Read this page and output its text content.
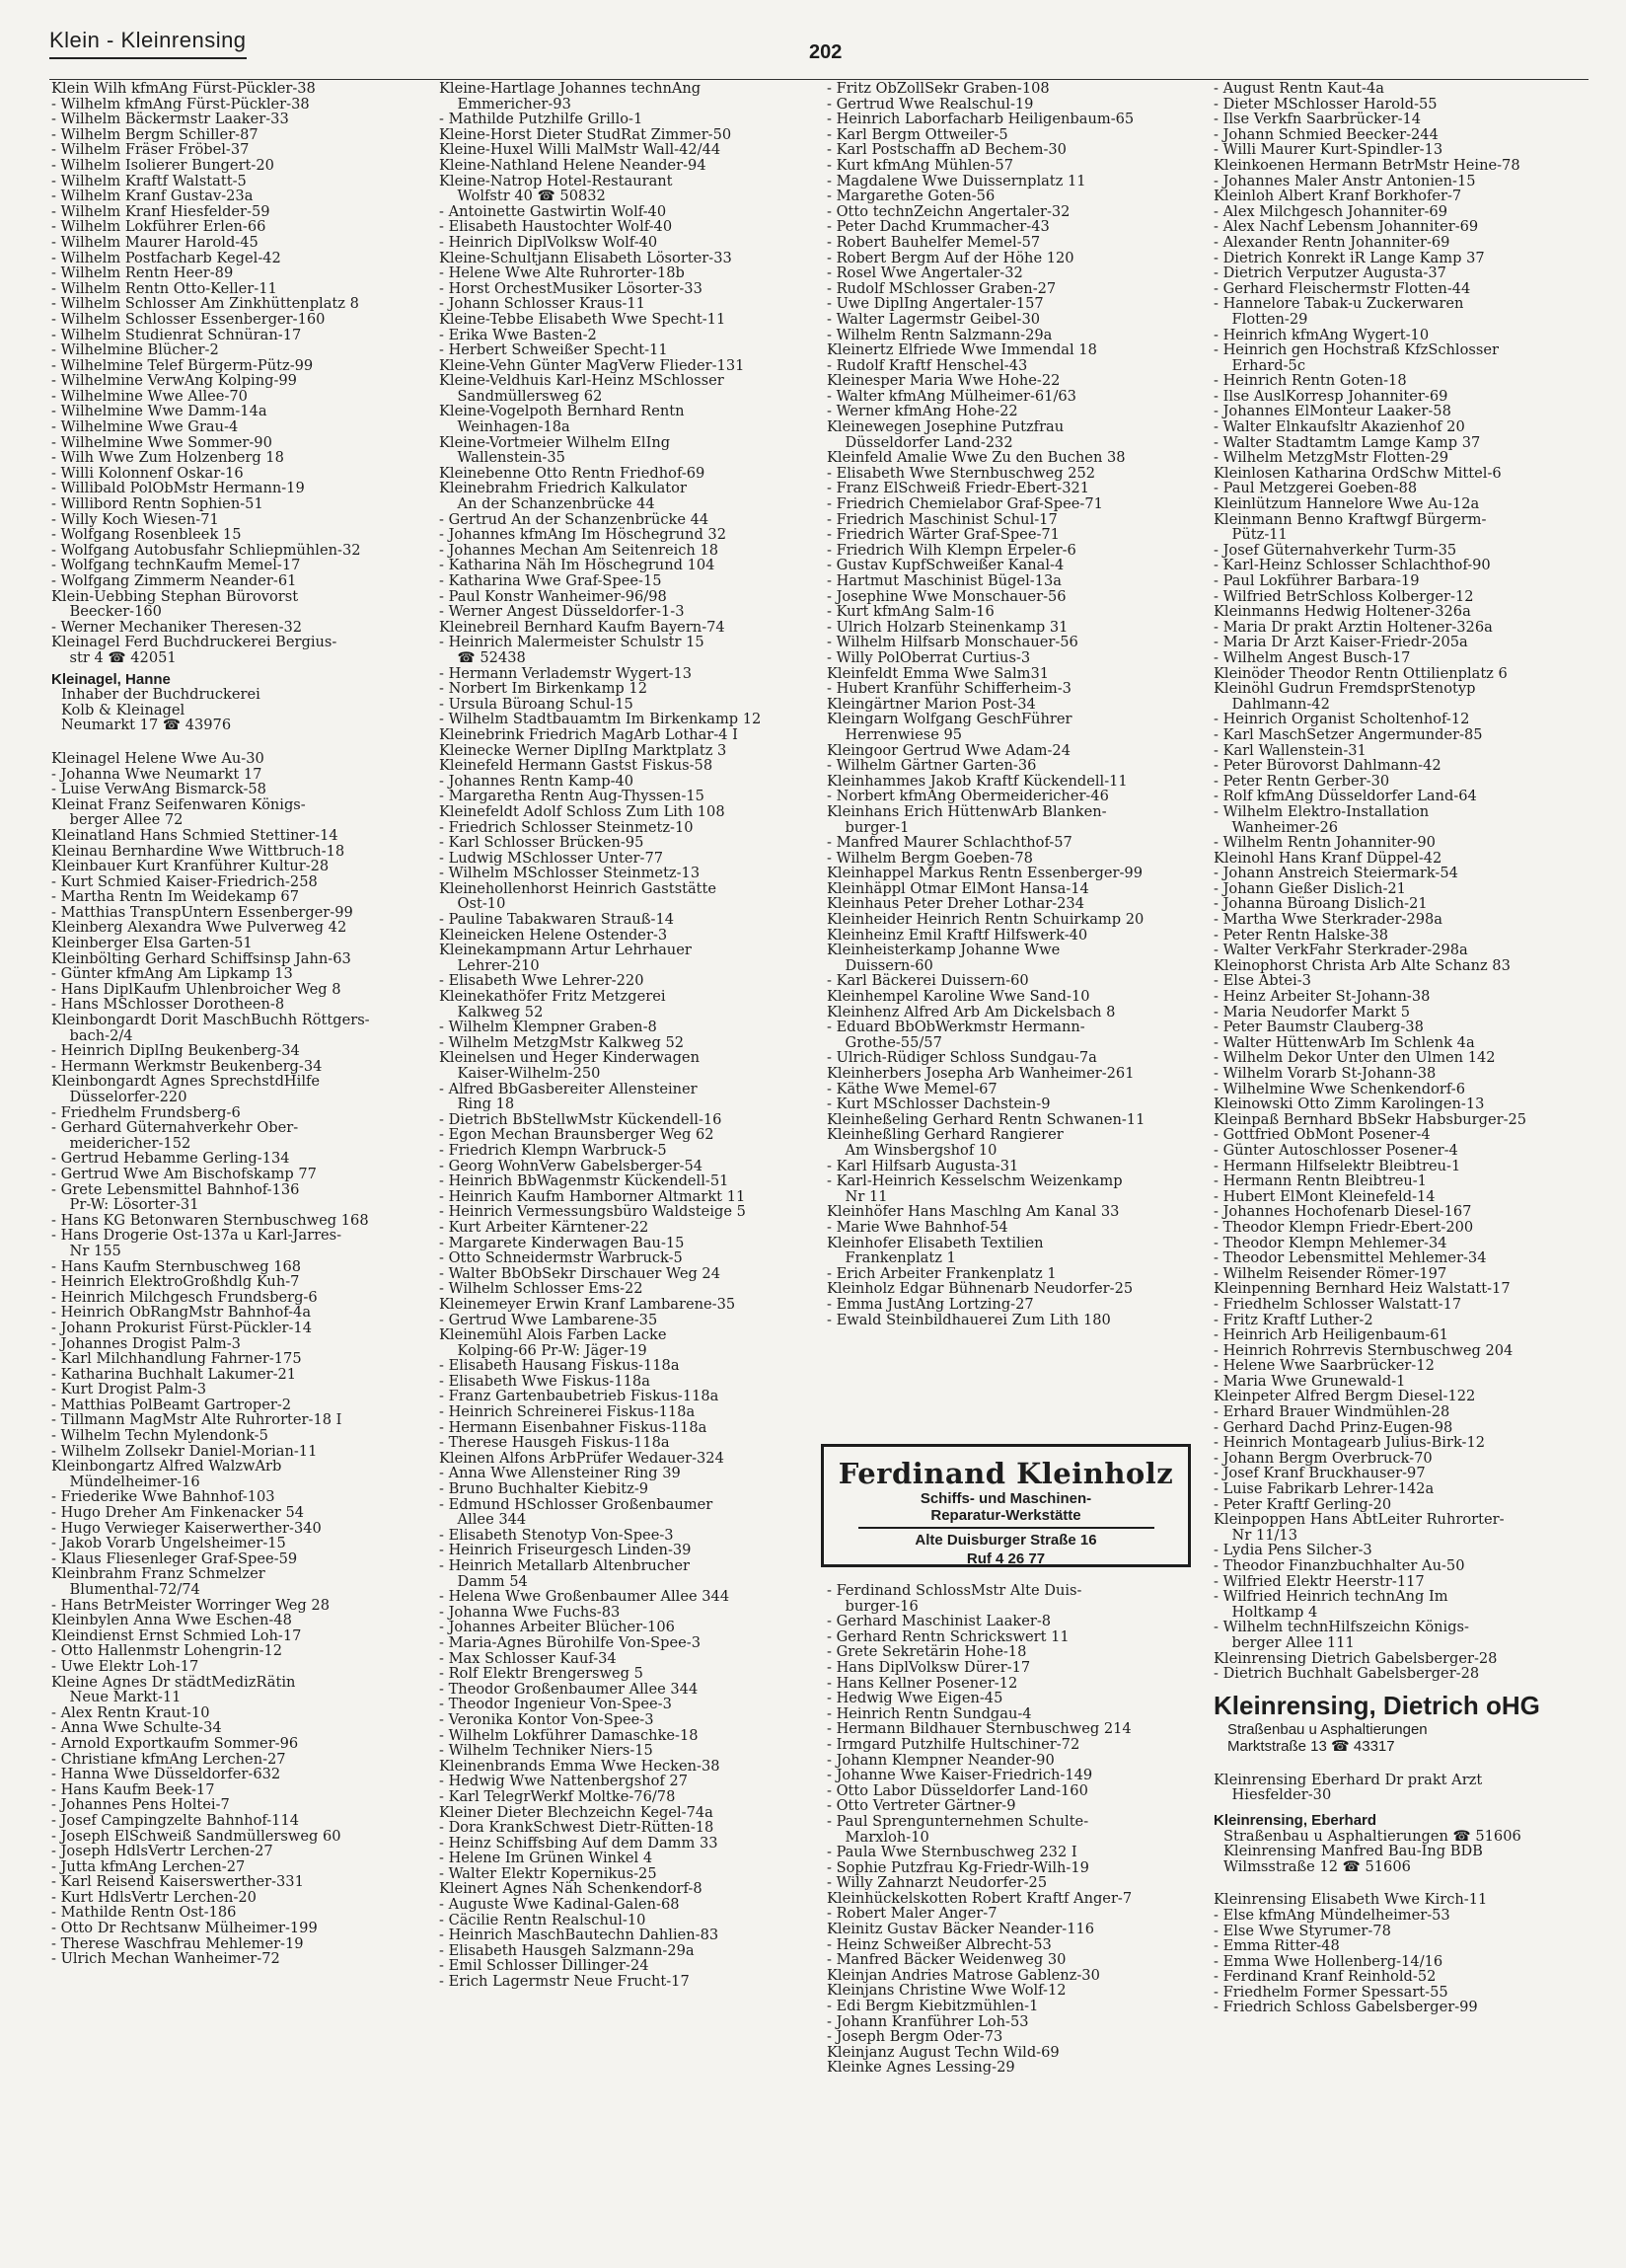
Klein - Kleinrensing	202
Klein Wilh kfmAng Fürst-Pückler-38
- Wilhelm kfmAng Fürst-Pückler-38
- Wilhelm Bäckermstr Laaker-33
- Wilhelm Bergm Schiller-87
- Wilhelm Fräser Fröbel-37
- Wilhelm Isolierer Bungert-20
- Wilhelm Kraftf Walstatt-5
- Wilhelm Kranf Gustav-23a
- Wilhelm Kranf Hiesfelder-59
- Wilhelm Lokführer Erlen-66
- Wilhelm Maurer Harold-45
- Wilhelm Postfacharb Kegel-42
- Wilhelm Rentn Heer-89
- Wilhelm Rentn Otto-Keller-11
- Wilhelm Schlosser Am Zinkhüttenplatz 8
- Wilhelm Schlosser Essenberger-160
- Wilhelm Studienrat Schnüran-17
- Wilhelmine Blücher-2
- Wilhelmine Telef Bürgerm-Pütz-99
- Wilhelmine VerwAng Kolping-99
- Wilhelmine Wwe Allee-70
- Wilhelmine Wwe Damm-14a
- Wilhelmine Wwe Grau-4
- Wilhelmine Wwe Sommer-90
- Wilh Wwe Zum Holzenberg 18
- Willi Kolonnenf Oskar-16
- Willibald PolObMstr Hermann-19
- Willibord Rentn Sophien-51
- Willy Koch Wiesen-71
- Wolfgang Rosenbleek 15
- Wolfgang Autobusfahr Schliepmühlen-32
- Wolfgang technKaufm Memel-17
- Wolfgang Zimmerm Neander-61
Klein-Uebbing Stephan Bürovorst
Beecker-160
- Werner Mechaniker Theresen-32
Kleinagel Ferd Buchdruckerei Bergius-
str 4 ☎ 42051
Kleinagel, Hanne
Inhaber der Buchdruckerei
Kolb & Kleinagel
Neumarkt 17 ☎ 43976
Kleinagel Helene Wwe Au-30
- Johanna Wwe Neumarkt 17
- Luise VerwAng Bismarck-58
Kleinat Franz Seifenwaren Königs-
berger Allee 72
Kleinatland Hans Schmied Stettiner-14
Kleinau Bernhardine Wwe Wittbruch-18
Kleinbauer Kurt Kranführer Kultur-28
- Kurt Schmied Kaiser-Friedrich-258
- Martha Rentn Im Weidekamp 67
- Matthias TranspUntern Essenberger-99
Kleinberg Alexandra Wwe Pulverweg 42
Kleinberger Elsa Garten-51
Kleinbölting Gerhard Schiffsinsp Jahn-63
- Günter kfmAng Am Lipkamp 13
- Hans DiplKaufm Uhlenbroicher Weg 8
- Hans MSchlosser Dorotheen-8
Kleinbongardt Dorit MaschBuchh Röttgers-
bach-2/4
- Heinrich DiplIng Beukenberg-34
- Hermann Werkmstr Beukenberg-34
Kleinbongardt Agnes SprechstdHilfe
Düsselorfer-220
- Friedhelm Frundsberg-6
- Gerhard Güternahverkehr Ober-
meidericher-152
- Gertrud Hebamme Gerling-134
- Gertrud Wwe Am Bischofskamp 77
- Grete Lebensmittel Bahnhof-136
Pr-W: Lösorter-31
- Hans KG Betonwaren Sternbuschweg 168
- Hans Drogerie Ost-137a u Karl-Jarres-
Nr 155
- Hans Kaufm Sternbuschweg 168
- Heinrich ElektroGroßhdlg Kuh-7
- Heinrich Milchgesch Frundsberg-6
- Heinrich ObRangMstr Bahnhof-4a
- Johann Prokurist Fürst-Pückler-14
- Johannes Drogist Palm-3
- Karl Milchhandlung Fahrner-175
- Katharina Buchhalt Lakumer-21
- Kurt Drogist Palm-3
- Matthias PolBeamt Gartroper-2
- Tillmann MagMstr Alte Ruhrorter-18 I
- Wilhelm Techn Mylendonk-5
- Wilhelm Zollsekr Daniel-Morian-11
Kleinbongartz Alfred WalzwArb
Mündelheimer-16
- Friederike Wwe Bahnhof-103
- Hugo Dreher Am Finkenacker 54
- Hugo Verwieger Kaiserwerther-340
- Jakob Vorarb Ungelsheimer-15
- Klaus Fliesenleger Graf-Spee-59
Kleinbrahm Franz Schmelzer
Blumenthal-72/74
- Hans BetrMeister Worringer Weg 28
Kleinbylen Anna Wwe Eschen-48
Kleindienst Ernst Schmied Loh-17
- Otto Hallenmstr Lohengrin-12
- Uwe Elektr Loh-17
Kleine Agnes Dr städtMedizRätin
Neue Markt-11
- Alex Rentn Kraut-10
- Anna Wwe Schulte-34
- Arnold Exportkaufm Sommer-96
- Christiane kfmAng Lerchen-27
- Hanna Wwe Düsseldorfer-632
- Hans Kaufm Beek-17
- Johannes Pens Holtei-7
- Josef Campingzelte Bahnhof-114
- Joseph ElSchweiß Sandmüllersweg 60
- Joseph HdlsVertr Lerchen-27
- Jutta kfmAng Lerchen-27
- Karl Reisend Kaiserswerther-331
- Kurt HdlsVertr Lerchen-20
- Mathilde Rentn Ost-186
- Otto Dr Rechtsanw Mülheimer-199
- Therese Waschfrau Mehlemer-19
- Ulrich Mechan Wanheimer-72
Kleine-Hartlage Johannes technAng
Emmericher-93
- Mathilde Putzhilfe Grillo-1
Kleine-Horst Dieter StudRat Zimmer-50
Kleine-Huxel Willi MalMstr Wall-42/44
Kleine-Nathland Helene Neander-94
Kleine-Natrop Hotel-Restaurant
Wolfstr 40 ☎ 50832
- Antoinette Gastwirtin Wolf-40
- Elisabeth Haustochter Wolf-40
- Heinrich DiplVolksw Wolf-40
Kleine-Schultjann Elisabeth Lösorter-33
- Helene Wwe Alte Ruhrorter-18b
- Horst OrchestMusiker Lösorter-33
- Johann Schlosser Kraus-11
Kleine-Tebbe Elisabeth Wwe Specht-11
- Erika Wwe Basten-2
- Herbert Schweißer Specht-11
Kleine-Vehn Günter MagVerw Flieder-131
Kleine-Veldhuis Karl-Heinz MSchlosser
Sandmüllersweg 62
Kleine-Vogelpoth Bernhard Rentn
Weinhagen-18a
Kleine-Vortmeier Wilhelm ElIng
Wallenstein-35
Kleinebenne Otto Rentn Friedhof-69
Kleinebrahm Friedrich Kalkulator
An der Schanzenbrücke 44
- Gertrud An der Schanzenbrücke 44
- Johannes kfmAng Im Höschegrund 32
- Johannes Mechan Am Seitenreich 18
- Katharina Näh Im Höschegrund 104
- Katharina Wwe Graf-Spee-15
- Paul Konstr Wanheimer-96/98
- Werner Angest Düsseldorfer-1-3
Kleinebreil Bernhard Kaufm Bayern-74
- Heinrich Malermeister Schulstr 15
☎ 52438
- Hermann Verlademstr Wygert-13
- Norbert Im Birkenkamp 12
- Ursula Büroang Schul-15
- Wilhelm Stadtbauamtm Im Birkenkamp 12
Kleinebrink Friedrich MagArb Lothar-4 I
Kleinecke Werner DiplIng Marktplatz 3
Kleinefeld Hermann Gastst Fiskus-58
- Johannes Rentn Kamp-40
- Margaretha Rentn Aug-Thyssen-15
Kleinefeldt Adolf Schloss Zum Lith 108
- Friedrich Schlosser Steinmetz-10
- Karl Schlosser Brücken-95
- Ludwig MSchlosser Unter-77
- Wilhelm MSchlosser Steinmetz-13
Kleinehollenhorst Heinrich Gaststätte
Ost-10
- Pauline Tabakwaren Strauß-14
Kleineicken Helene Ostender-3
Kleinekampmann Artur Lehrhauer
Lehrer-210
- Elisabeth Wwe Lehrer-220
Kleinekathöfer Fritz Metzgerei
Kalkweg 52
- Wilhelm Klempner Graben-8
- Wilhelm MetzgMstr Kalkweg 52
Kleinelsen und Heger Kinderwagen
Kaiser-Wilhelm-250
- Alfred BbGasbereiter Allensteiner
Ring 18
- Dietrich BbStellwMstr Kückendell-16
- Egon Mechan Braunsberger Weg 62
- Friedrich Klempn Warbruck-5
- Georg WohnVerw Gabelsberger-54
- Heinrich BbWagenmstr Kückendell-51
- Heinrich Kaufm Hamborner Altmarkt 11
- Heinrich Vermessungsbüro Waldsteige 5
- Kurt Arbeiter Kärntener-22
- Margarete Kinderwagen Bau-15
- Otto Schneidermstr Warbruck-5
- Walter BbObSekr Dirschauer Weg 24
- Wilhelm Schlosser Ems-22
Kleinemeyer Erwin Kranf Lambarene-35
- Gertrud Wwe Lambarene-35
Kleinemühl Alois Farben Lacke
Kolping-66 Pr-W: Jäger-19
- Elisabeth Hausang Fiskus-118a
- Elisabeth Wwe Fiskus-118a
- Franz Gartenbaubetrieb Fiskus-118a
- Heinrich Schreinerei Fiskus-118a
- Hermann Eisenbahner Fiskus-118a
- Therese Hausgeh Fiskus-118a
Kleinen Alfons ArbPrüfer Wedauer-324
- Anna Wwe Allensteiner Ring 39
- Bruno Buchhalter Kiebitz-9
- Edmund HSchlosser Großenbaumer
Allee 344
- Elisabeth Stenotyp Von-Spee-3
- Heinrich Friseurgesch Linden-39
- Heinrich Metallarb Altenbrucher
Damm 54
- Helena Wwe Großenbaumer Allee 344
- Johanna Wwe Fuchs-83
- Johannes Arbeiter Blücher-106
- Maria-Agnes Bürohilfe Von-Spee-3
- Max Schlosser Kauf-34
- Rolf Elektr Brengersweg 5
- Theodor Großenbaumer Allee 344
- Theodor Ingenieur Von-Spee-3
- Veronika Kontor Von-Spee-3
- Wilhelm Lokführer Damaschke-18
- Wilhelm Techniker Niers-15
Kleinenbrands Emma Wwe Hecken-38
- Hedwig Wwe Nattenbergshof 27
- Karl TelegrWerkf Moltke-76/78
Kleiner Dieter Blechzeichn Kegel-74a
- Dora KrankSchwest Dietr-Rütten-18
- Heinz Schiffsbing Auf dem Damm 33
- Helene Im Grünen Winkel 4
- Walter Elektr Kopernikus-25
Kleinert Agnes Näh Schenkendorf-8
- Auguste Wwe Kadinal-Galen-68
- Cäcilie Rentn Realschul-10
- Heinrich MaschBautechn Dahlien-83
- Elisabeth Hausgeh Salzmann-29a
- Emil Schlosser Dillinger-24
- Erich Lagermstr Neue Frucht-17
- Fritz ObZollSekr Graben-108
- Gertrud Wwe Realschul-19
- Heinrich Laborfacharb Heiligenbaum-65
- Karl Bergm Ottweiler-5
- Karl Postschaffn aD Bechem-30
- Kurt kfmAng Mühlen-57
- Magdalene Wwe Duissernplatz 11
- Margarethe Goten-56
- Otto technZeichn Angertaler-32
- Peter Dachd Krummacher-43
- Robert Bauhelfer Memel-57
- Robert Bergm Auf der Höhe 120
- Rosel Wwe Angertaler-32
- Rudolf MSchlosser Graben-27
- Uwe DiplIng Angertaler-157
- Walter Lagermstr Geibel-30
- Wilhelm Rentn Salzmann-29a
Kleinertz Elfriede Wwe Immendal 18
- Rudolf Kraftf Henschel-43
Kleinesper Maria Wwe Hohe-22
- Walter kfmAng Mülheimer-61/63
- Werner kfmAng Hohe-22
Kleinewegen Josephine Putzfrau
Düsseldorfer Land-232
Kleinfeld Amalie Wwe Zu den Buchen 38
- Elisabeth Wwe Sternbuschweg 252
- Franz ElSchweiß Friedr-Ebert-321
- Friedrich Chemielabor Graf-Spee-71
- Friedrich Maschinist Schul-17
- Friedrich Wärter Graf-Spee-71
- Friedrich Wilh Klempn Erpeler-6
- Gustav KupfSchweißer Kanal-4
- Hartmut Maschinist Bügel-13a
- Josephine Wwe Monschauer-56
- Kurt kfmAng Salm-16
- Ulrich Holzarb Steinenkamp 31
- Wilhelm Hilfsarb Monschauer-56
- Willy PolOberrat Curtius-3
Kleinfeldt Emma Wwe Salm31
- Hubert Kranführ Schifferheim-3
Kleingärtner Marion Post-34
Kleingarn Wolfgang GeschFührer
Herrenwiese 95
Kleingoor Gertrud Wwe Adam-24
- Wilhelm Gärtner Garten-36
Kleinhammes Jakob Kraftf Kückendell-11
- Norbert kfmAng Obermeidericher-46
Kleinhans Erich HüttenwArb Blanken-
burger-1
- Manfred Maurer Schlachthof-57
- Wilhelm Bergm Goeben-78
Kleinhappel Markus Rentn Essenberger-99
Kleinhäppl Otmar ElMont Hansa-14
Kleinhaus Peter Dreher Lothar-234
Kleinheider Heinrich Rentn Schuirkamp 20
Kleinheinz Emil Kraftf Hilfswerk-40
Kleinheisterkamp Johanne Wwe
Duissern-60
- Karl Bäckerei Duissern-60
Kleinhempel Karoline Wwe Sand-10
Kleinhenz Alfred Arb Am Dickelsbach 8
- Eduard BbObWerkmstr Hermann-
Grothe-55/57
- Ulrich-Rüdiger Schloss Sundgau-7a
Kleinherbers Josepha Arb Wanheimer-261
- Käthe Wwe Memel-67
- Kurt MSchlosser Dachstein-9
Kleinheßeling Gerhard Rentn Schwanen-11
Kleinheßling Gerhard Rangierer
Am Winsbergshof 10
- Karl Hilfsarb Augusta-31
- Karl-Heinrich Kesselschm Weizenkamp
Nr 11
Kleinhöfer Hans Maschlng Am Kanal 33
- Marie Wwe Bahnhof-54
Kleinhofer Elisabeth Textilien
Frankenplatz 1
- Erich Arbeiter Frankenplatz 1
Kleinholz Edgar Bühnenarb Neudorfer-25
- Emma JustAng Lortzing-27
- Ewald Steinbildhauerei Zum Lith 180
Ferdinand Kleinholz
Schiffs- und Maschinen-
Reparatur-Werkstätte
Alte Duisburger Straße 16
Ruf 4 26 77
- Ferdinand SchlossMstr Alte Duis-
burger-16
- Gerhard Maschinist Laaker-8
- Gerhard Rentn Schrickswert 11
- Grete Sekretärin Hohe-18
- Hans DiplVolksw Dürer-17
- Hans Kellner Posener-12
- Hedwig Wwe Eigen-45
- Heinrich Rentn Sundgau-4
- Hermann Bildhauer Sternbuschweg 214
- Irmgard Putzhilfe Hultschiner-72
- Johann Klempner Neander-90
- Johanne Wwe Kaiser-Friedrich-149
- Otto Labor Düsseldorfer Land-160
- Otto Vertreter Gärtner-9
- Paul Sprengunternehmen Schulte-
Marxloh-10
- Paula Wwe Sternbuschweg 232 I
- Sophie Putzfrau Kg-Friedr-Wilh-19
- Willy Zahnarzt Neudorfer-25
Kleinhückelskotten Robert Kraftf Anger-7
- Robert Maler Anger-7
Kleinitz Gustav Bäcker Neander-116
- Heinz Schweißer Albrecht-53
- Manfred Bäcker Weidenweg 30
Kleinjan Andries Matrose Gablenz-30
Kleinjans Christine Wwe Wolf-12
- Edi Bergm Kiebitzmühlen-1
- Johann Kranführer Loh-53
- Joseph Bergm Oder-73
Kleinjanz August Techn Wild-69
Kleinke Agnes Lessing-29
- August Rentn Kaut-4a
- Dieter MSchlosser Harold-55
- Ilse Verkfn Saarbrücker-14
- Johann Schmied Beecker-244
- Willi Maurer Kurt-Spindler-13
Kleinkoenen Hermann BetrMstr Heine-78
- Johannes Maler Anstr Antonien-15
Kleinloh Albert Kranf Borkhofer-7
- Alex Milchgesch Johanniter-69
- Alex Nachf Lebensm Johanniter-69
- Alexander Rentn Johanniter-69
- Dietrich Konrekt iR Lange Kamp 37
- Dietrich Verputzer Augusta-37
- Gerhard Fleischermstr Flotten-44
- Hannelore Tabak-u Zuckerwaren
Flotten-29
- Heinrich kfmAng Wygert-10
- Heinrich gen Hochstraß KfzSchlosser
Erhard-5c
- Heinrich Rentn Goten-18
- Ilse AuslKorresp Johanniter-69
- Johannes ElMonteur Laaker-58
- Walter Elnkaufsltr Akazienhof 20
- Walter Stadtamtm Lamge Kamp 37
- Wilhelm MetzgMstr Flotten-29
Kleinlosen Katharina OrdSchw Mittel-6
- Paul Metzgerei Goeben-88
Kleinlützum Hannelore Wwe Au-12a
Kleinmann Benno Kraftwgf Bürgerm-
Pütz-11
- Josef Güternahverkehr Turm-35
- Karl-Heinz Schlosser Schlachthof-90
- Paul Lokführer Barbara-19
- Wilfried BetrSchloss Kolberger-12
Kleinmanns Hedwig Holtener-326a
- Maria Dr prakt Ärztin Holtener-326a
- Maria Dr Arzt Kaiser-Friedr-205a
- Wilhelm Angest Busch-17
Kleinöder Theodor Rentn Ottilienplatz 6
Kleinöhl Gudrun FremdsprStenotyp
Dahlmann-42
- Heinrich Organist Scholtenhof-12
- Karl MaschSetzer Angermunder-85
- Karl Wallenstein-31
- Peter Bürovorst Dahlmann-42
- Peter Rentn Gerber-30
- Rolf kfmAng Düsseldorfer Land-64
- Wilhelm Elektro-Installation
Wanheimer-26
- Wilhelm Rentn Johanniter-90
Kleinohl Hans Kranf Düppel-42
- Johann Anstreich Steiermark-54
- Johann Gießer Dislich-21
- Johanna Büroang Dislich-21
- Martha Wwe Sterkrader-298a
- Peter Rentn Halske-38
- Walter VerkFahr Sterkrader-298a
Kleinophorst Christa Arb Alte Schanz 83
- Else Abtei-3
- Heinz Arbeiter St-Johann-38
- Maria Neudorfer Markt 5
- Peter Baumstr Clauberg-38
- Walter HüttenwArb Im Schlenk 4a
- Wilhelm Dekor Unter den Ulmen 142
- Wilhelm Vorarb St-Johann-38
- Wilhelmine Wwe Schenkendorf-6
Kleinowski Otto Zimm Karolingen-13
Kleinpaß Bernhard BbSekr Habsburger-25
- Gottfried ObMont Posener-4
- Günter Autoschlosser Posener-4
- Hermann Hilfselektr Bleibtreu-1
- Hermann Rentn Bleibtreu-1
- Hubert ElMont Kleinefeld-14
- Johannes Hochofenarb Diesel-167
- Theodor Klempn Friedr-Ebert-200
- Theodor Klempn Mehlemer-34
- Theodor Lebensmittel Mehlemer-34
- Wilhelm Reisender Römer-197
Kleinpenning Bernhard Heiz Walstatt-17
- Friedhelm Schlosser Walstatt-17
- Fritz Kraftf Luther-2
- Heinrich Arb Heiligenbaum-61
- Heinrich Rohrrevis Sternbuschweg 204
- Helene Wwe Saarbrücker-12
- Maria Wwe Grunewald-1
Kleinpeter Alfred Bergm Diesel-122
- Erhard Brauer Windmühlen-28
- Gerhard Dachd Prinz-Eugen-98
- Heinrich Montagearb Julius-Birk-12
- Johann Bergm Overbruck-70
- Josef Kranf Bruckhauser-97
- Luise Fabrikarb Lehrer-142a
- Peter Kraftf Gerling-20
Kleinpoppen Hans AbtLeiter Ruhrorter-
Nr 11/13
- Lydia Pens Silcher-3
- Theodor Finanzbuchhalter Au-50
- Wilfried Elektr Heerstr-117
- Wilfried Heinrich technAng Im
Holtkamp 4
- Wilhelm technHilfszeichn Königs-
berger Allee 111
Kleinrensing Dietrich Gabelsberger-28
- Dietrich Buchhalt Gabelsberger-28
Kleinrensing, Dietrich oHG
Straßenbau u Asphaltierungen
Marktstraße 13 ☎ 43317
Kleinrensing Eberhard Dr prakt Arzt
Hiesfelder-30
Kleinrensing, Eberhard
Straßenbau u Asphaltierungen ☎ 51606
Kleinrensing Manfred Bau-Ing BDB
Wilmsstraße 12 ☎ 51606
Kleinrensing Elisabeth Wwe Kirch-11
- Else kfmAng Mündelheimer-53
- Else Wwe Styrumer-78
- Emma Ritter-48
- Emma Wwe Hollenberg-14/16
- Ferdinand Kranf Reinhold-52
- Friedhelm Former Spessart-55
- Friedrich Schloss Gabelsberger-99
